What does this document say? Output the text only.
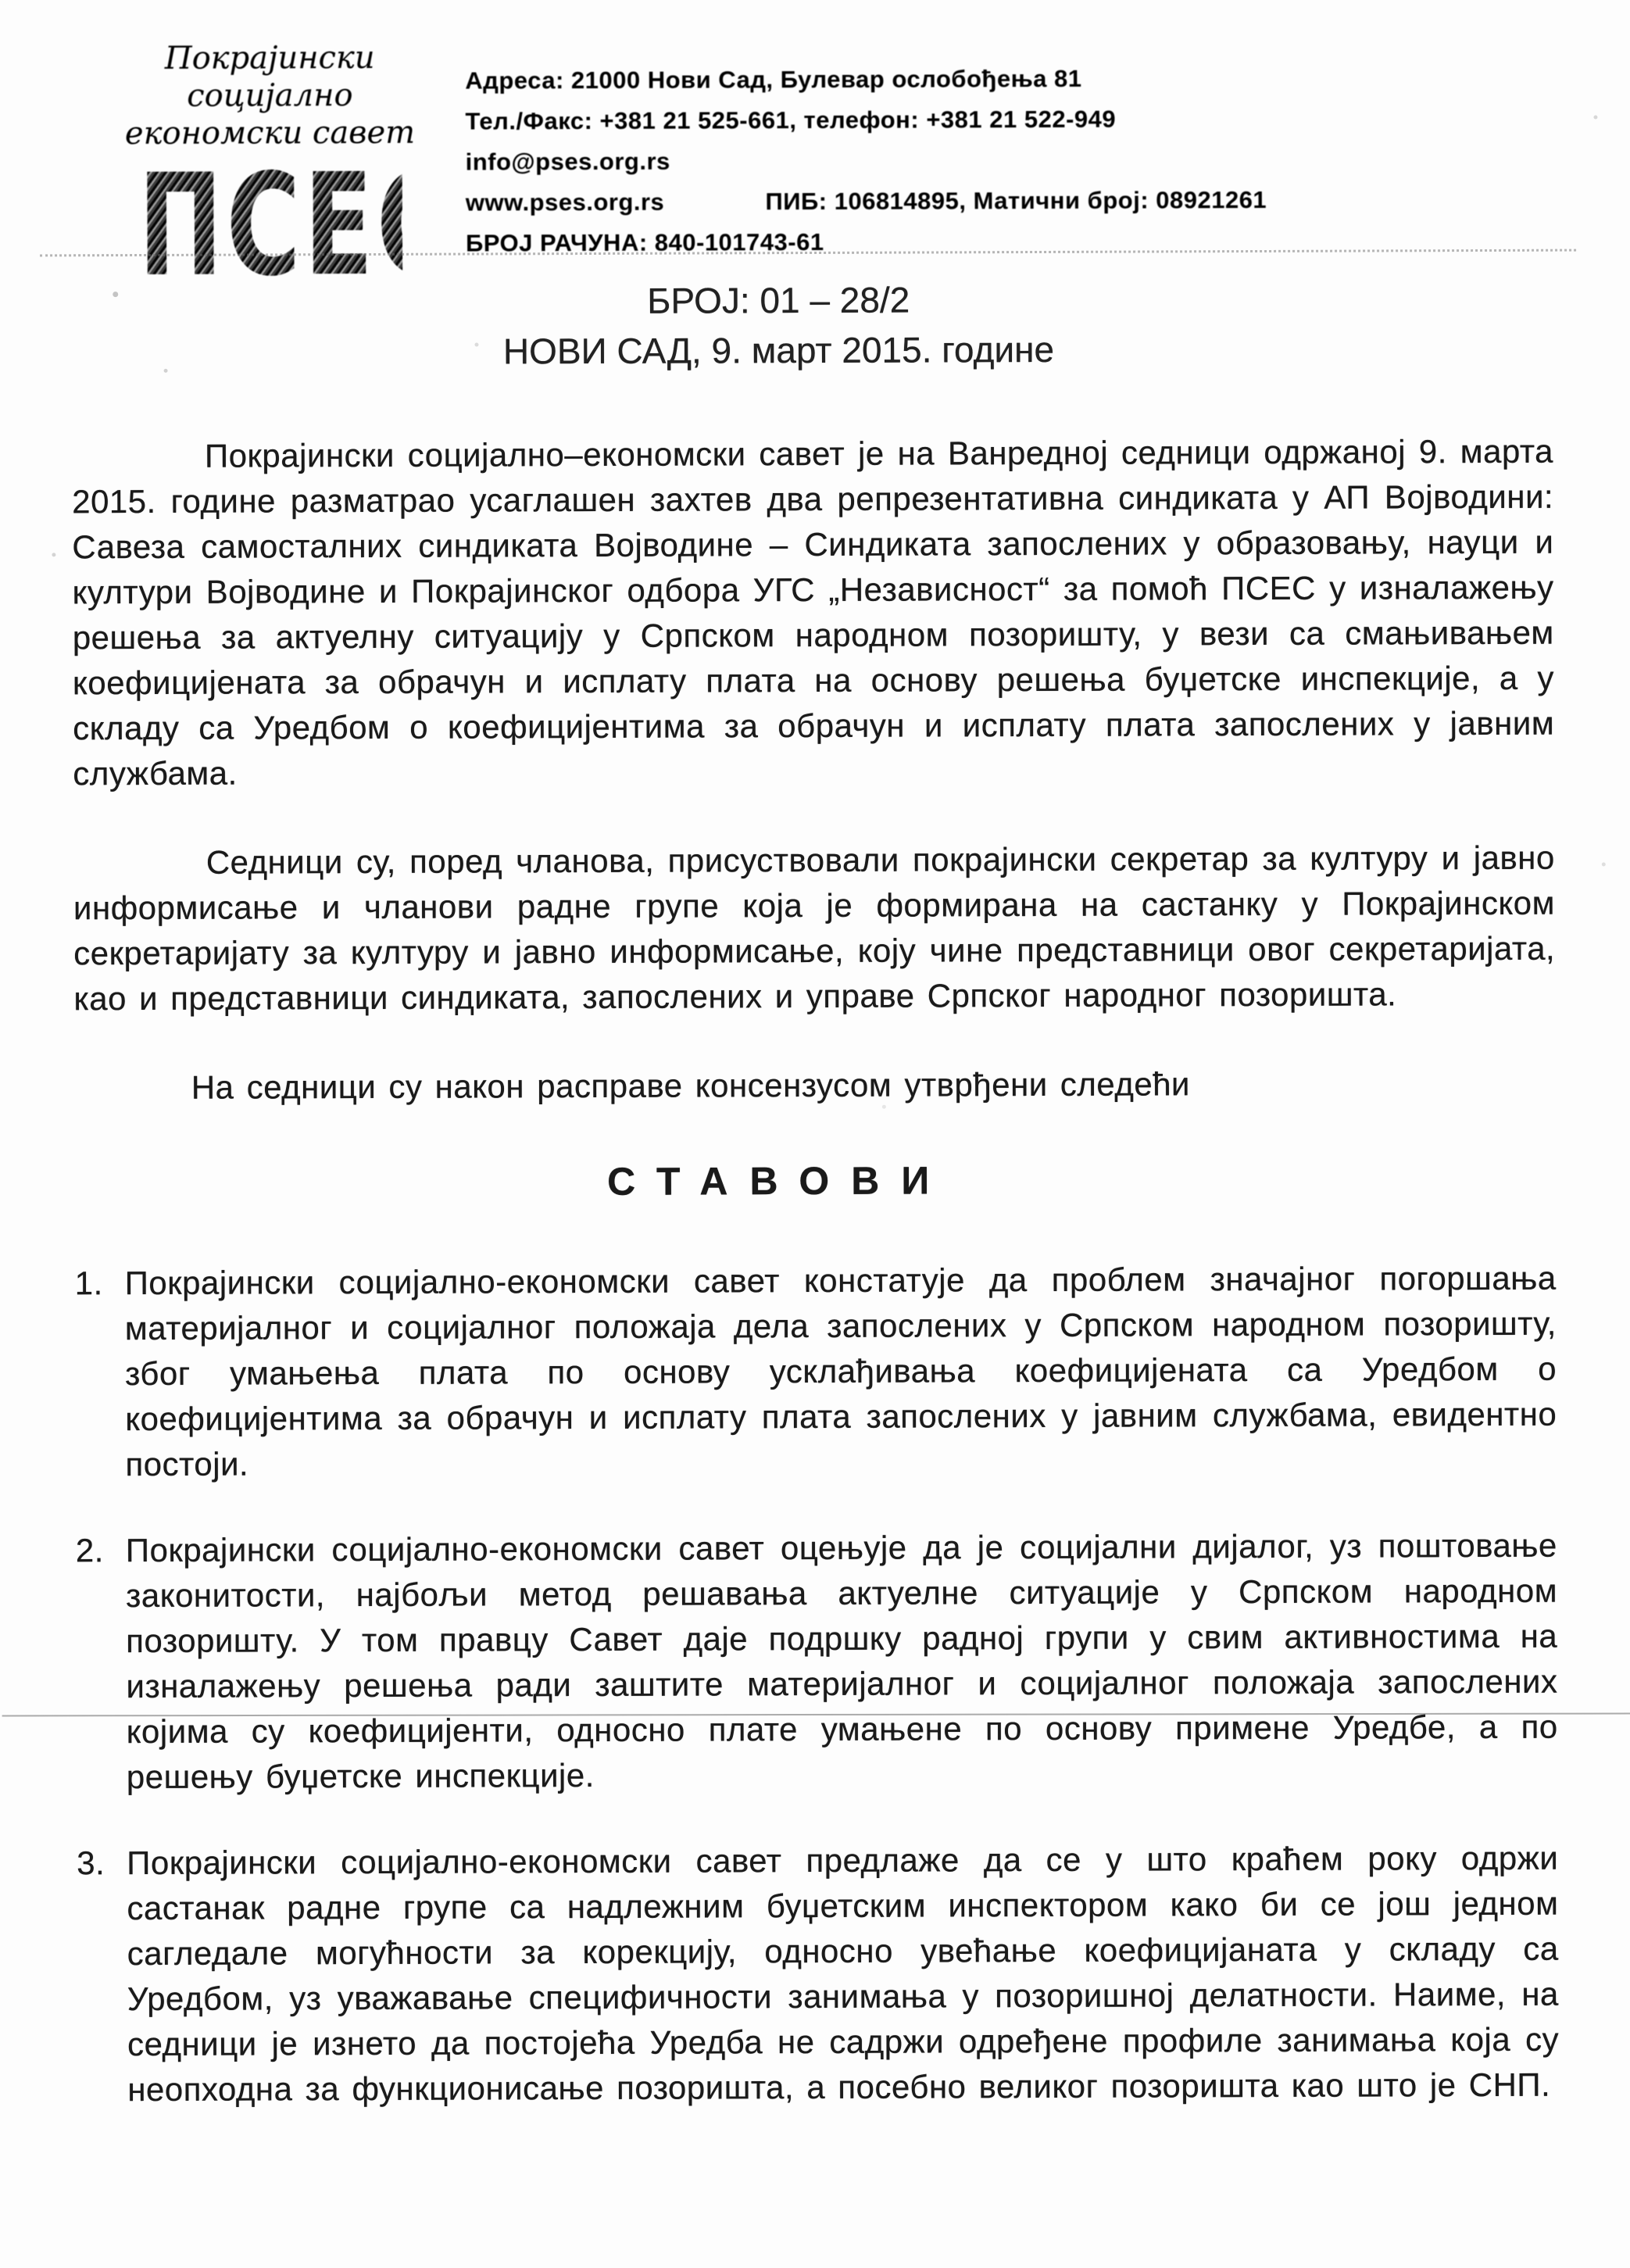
Покрајински социјално
економски савет
ПСЕС
Адреса: 21000 Нови Сад, Булевар ослобођења 81
Тел./Факс: +381 21 525-661, телефон: +381 21 522-949
info@pses.org.rs
www.pses.org.rs	ПИБ: 106814895, Матични број: 08921261
БРОЈ РАЧУНА: 840-101743-61
БРОЈ: 01 – 28/2
НОВИ САД, 9. март 2015. године

Покрајински социјално–економски савет је на Ванредној седници одржаној 9. марта 2015. године разматрао усаглашен захтев два репрезентативна синдиката у АП Војводини: Савеза самосталних синдиката Војводине – Синдиката запослених у образовању, науци и култури Војводине и Покрајинског одбора УГС „Независност“ за помоћ ПСЕС у изналажењу решења за актуелну ситуацију у Српском народном позоришту, у вези са смањивањем коефицијената за обрачун и исплату плата на основу решења буџетске инспекције, а у складу са Уредбом о коефицијентима за обрачун и исплату плата запослених у јавним службама.

Седници су, поред чланова, присуствовали покрајински секретар за културу и јавно информисање и чланови радне групе која је формирана на састанку у Покрајинском секретаријату за културу и јавно информисање, коју чине представници овог секретаријата, као и представници синдиката, запослених и управе Српског народног позоришта.

На седници су након расправе консензусом утврђени следећи

СТАВОВИ
1. Покрајински социјално-економски савет констатује да проблем значајног погоршања материјалног и социјалног положаја дела запослених у Српском народном позоришту, због умањења плата по основу усклађивања коефицијената са Уредбом о коефицијентима за обрачун и исплату плата запослених у јавним службама, евидентно постоји.
2. Покрајински социјално-економски савет оцењује да је социјални дијалог, уз поштовање законитости, најбољи метод решавања актуелне ситуације у Српском народном позоришту. У том правцу Савет даје подршку радној групи у свим активностима на изналажењу решења ради заштите материјалног и социјалног положаја запослених којима су коефицијенти, односно плате умањене по основу примене Уредбе, а по решењу буџетске инспекције.
3. Покрајински социјално-економски савет предлаже да се у што краћем року одржи састанак радне групе са надлежним буџетским инспектором како би се још једном сагледале могућности за корекцију, односно увећање коефицијаната у складу са Уредбом, уз уважавање специфичности занимања у позоришној делатности. Наиме, на седници је изнето да постојећа Уредба не садржи одређене профиле занимања која су неопходна за функционисање позоришта, а посебно великог позоришта као што је СНП.
